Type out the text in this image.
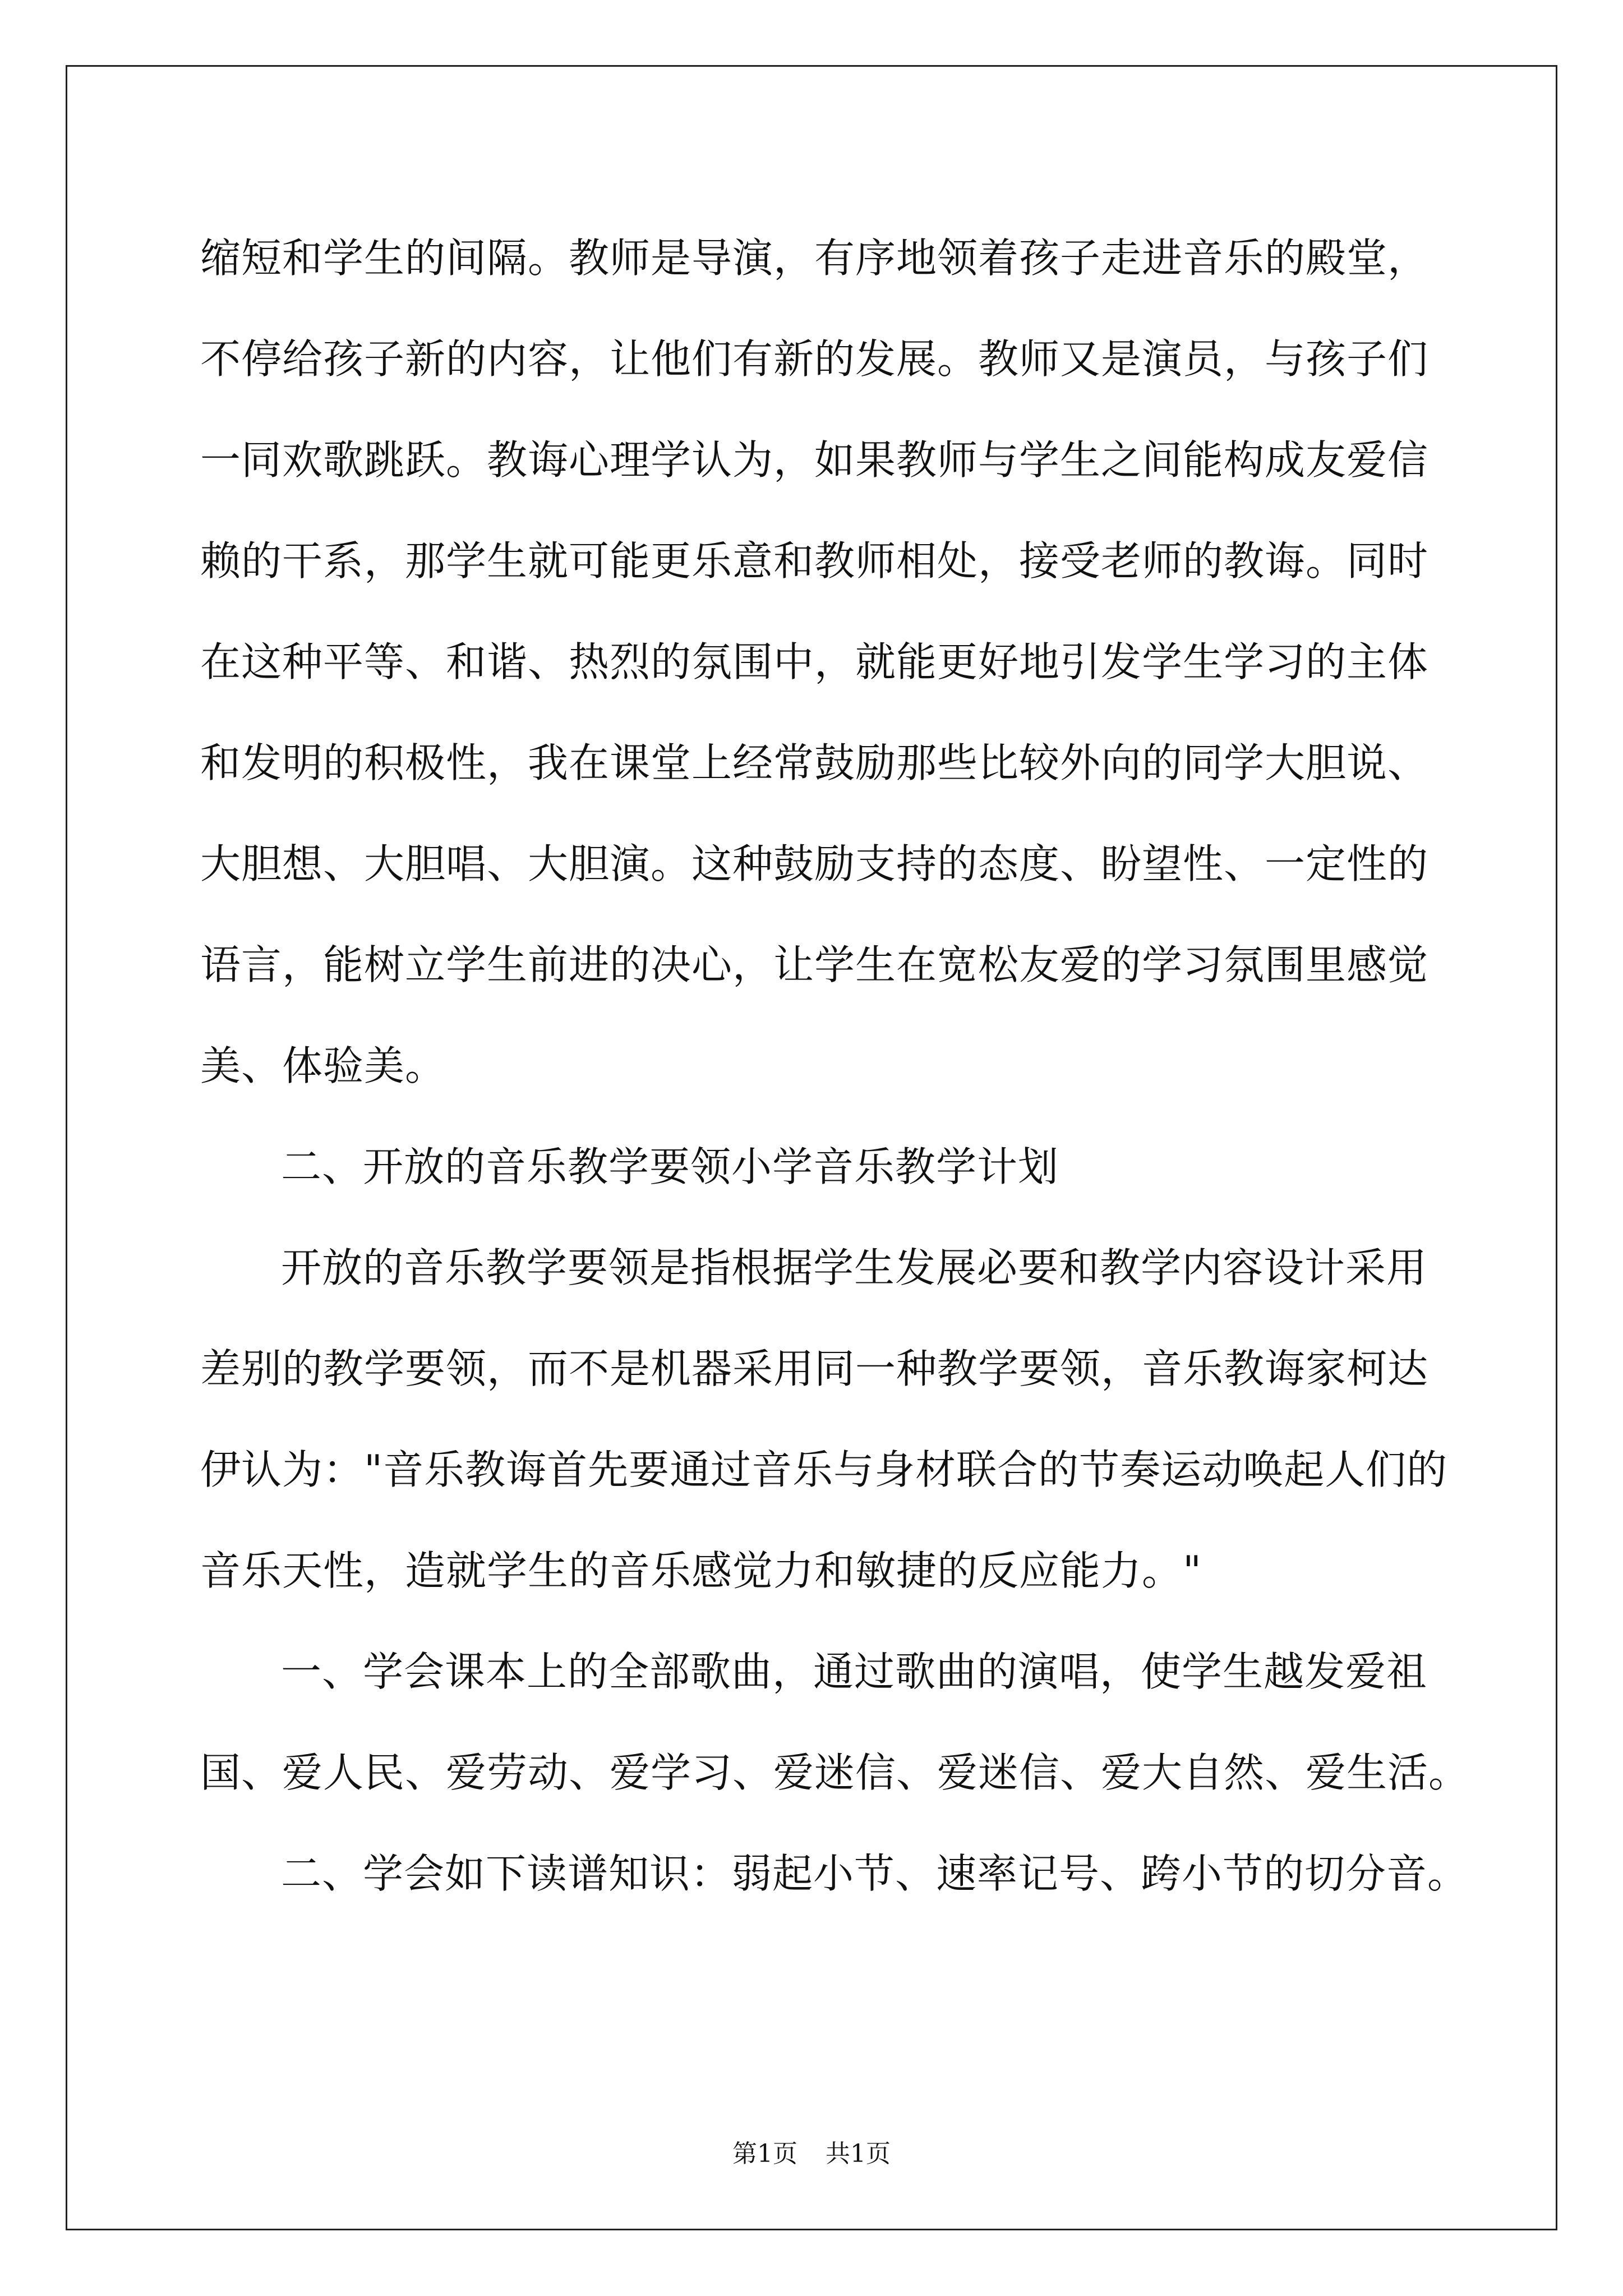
缩短和学生的间隔。教师是导演，有序地领着孩子走进音乐的殿堂，
不停给孩子新的内容，让他们有新的发展。教师又是演员，与孩子们
一同欢歌跳跃。教诲心理学认为，如果教师与学生之间能构成友爱信
赖的干系，那学生就可能更乐意和教师相处，接受老师的教诲。同时
在这种平等、和谐、热烈的氛围中，就能更好地引发学生学习的主体
和发明的积极性，我在课堂上经常鼓励那些比较外向的同学大胆说、
大胆想、大胆唱、大胆演。这种鼓励支持的态度、盼望性、一定性的
语言，能树立学生前进的决心，让学生在宽松友爱的学习氛围里感觉
美、体验美。
二、开放的音乐教学要领小学音乐教学计划
开放的音乐教学要领是指根据学生发展必要和教学内容设计采用
差别的教学要领，而不是机器采用同一种教学要领，音乐教诲家柯达
伊认为："音乐教诲首先要通过音乐与身材联合的节奏运动唤起人们的
音乐天性，造就学生的音乐感觉力和敏捷的反应能力。"
一、学会课本上的全部歌曲，通过歌曲的演唱，使学生越发爱祖
国、爱人民、爱劳动、爱学习、爱迷信、爱迷信、爱大自然、爱生活。
二、学会如下读谱知识：弱起小节、速率记号、跨小节的切分音。
第1页 共1页
